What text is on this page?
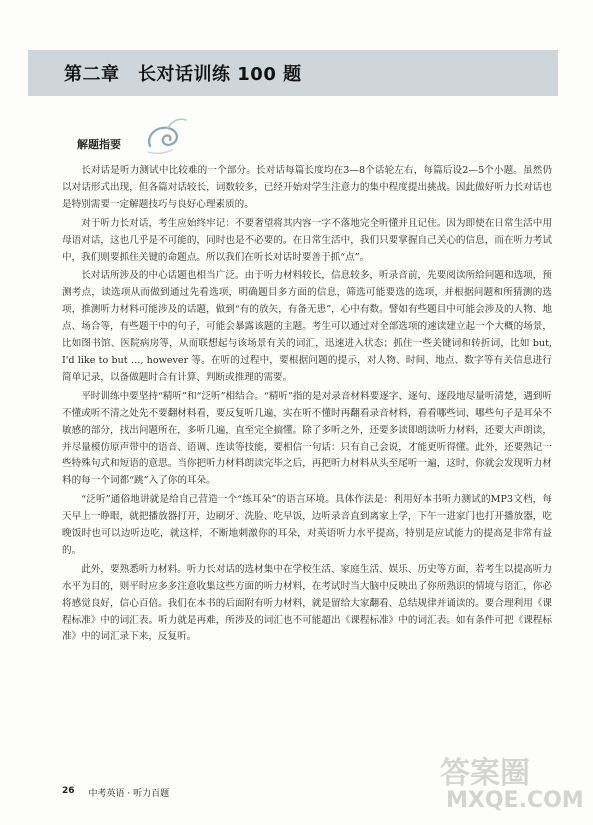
第二章　长对话训练 100 题
解题指要

长对话是听力测试中比较难的一个部分。长对话每篇长度均在3—8个话轮左右，每篇后设2—5个小题。虽然仍以对话形式出现，但各篇对话较长，词数较多，已经开始对学生注意力的集中程度提出挑战。因此做好听力长对话也是特别需要一定解题技巧与良好心理素质的。

对于听力长对话，考生应始终牢记：不要奢望将其内容一字不落地完全听懂并且记住。因为即使在日常生活中用母语对话，这也几乎是不可能的，同时也是不必要的。在日常生活中，我们只要掌握自己关心的信息，而在听力考试中，我们则要抓住关键的命题点。所以我们在听长对话时要善于抓“点”。

长对话所涉及的中心话题也相当广泛。由于听力材料较长，信息较多，听录音前，先要阅读所给问题和选项，预测考点，读选项从而做到通过先看选项，明确题目多方面的信息，筛选可能要选的选项，并根据问题和所猜测的选项，推测听力材料可能涉及的话题，做到“有的放矢，有备无患”，心中有数。譬如有些题目中可能会涉及的人物、地点、场合等，有些题干中的句子，可能会暴露该题的主题。考生可以通过对全部选项的速读建立起一个大概的场景，比如图书馆、医院病房等，从而联想起与该场景有关的词汇，迅速进入状态；抓住一些关键词和转折词，比如 but, I'd like to but …, however 等。在听的过程中，要根据问题的提示，对人物、时间、地点、数字等有关信息进行简单记录，以备做题时合有计算、判断或推理的需要。

平时训练中要坚持“精听”和“泛听”相结合。“精听”指的是对录音材料要逐字、逐句、逐段地尽量听清楚，遇到听不懂或听不清之处先不要翻材料看，要反复听几遍，实在听不懂时再翻看录音材料，看看哪些词、哪些句子是耳朵不敏感的部分，找出问题所在，多听几遍，直至完全搞懂。除了多听之外，还要多读即朗读听力材料，还要大声朗读，并尽量模仿原声带中的语音、语调、连读等技能，要相信一句话：只有自己会说，才能更听得懂。此外，还要熟记一些特殊句式和短语的意思。当你把听力材料朗读完毕之后，再把听力材料从头至尾听一遍，这时，你就会发现听力材料的每一个词都“跳”入了你的耳朵。

“泛听”通俗地讲就是给自己营造一个“练耳朵”的语言环境。具体作法是：利用好本书听力测试的MP3文档，每天早上一睁眼，就把播放器打开，边刷牙、洗脸、吃早饭，边听录音直到离家上学，下午一进家门也打开播放器，吃晚饭时也可以边听边吃，就这样，不断地刺激你的耳朵，对英语听力水平提高，特别是应试能力的提高是非常有益的。

此外，要熟悉听力材料。听力长对话的选材集中在学校生活、家庭生活、娱乐、历史等方面，若考生以提高听力水平为目的，则平时应多多注意收集这些方面的听力材料，在考试时当大脑中反映出了你所熟识的情境与语汇，你必将感觉良好，信心百倍。我们在本书的后面附有听力材料，就是留给大家翻看、总结规律并诵读的。要合理利用《课程标准》中的词汇表。听力就是再难，所涉及的词汇也不可能超出《课程标准》中的词汇表。如有条件可把《课程标准》中的词汇录下来，反复听。

26 中考英语 · 听力百题
答案圈
MXQE.COM
